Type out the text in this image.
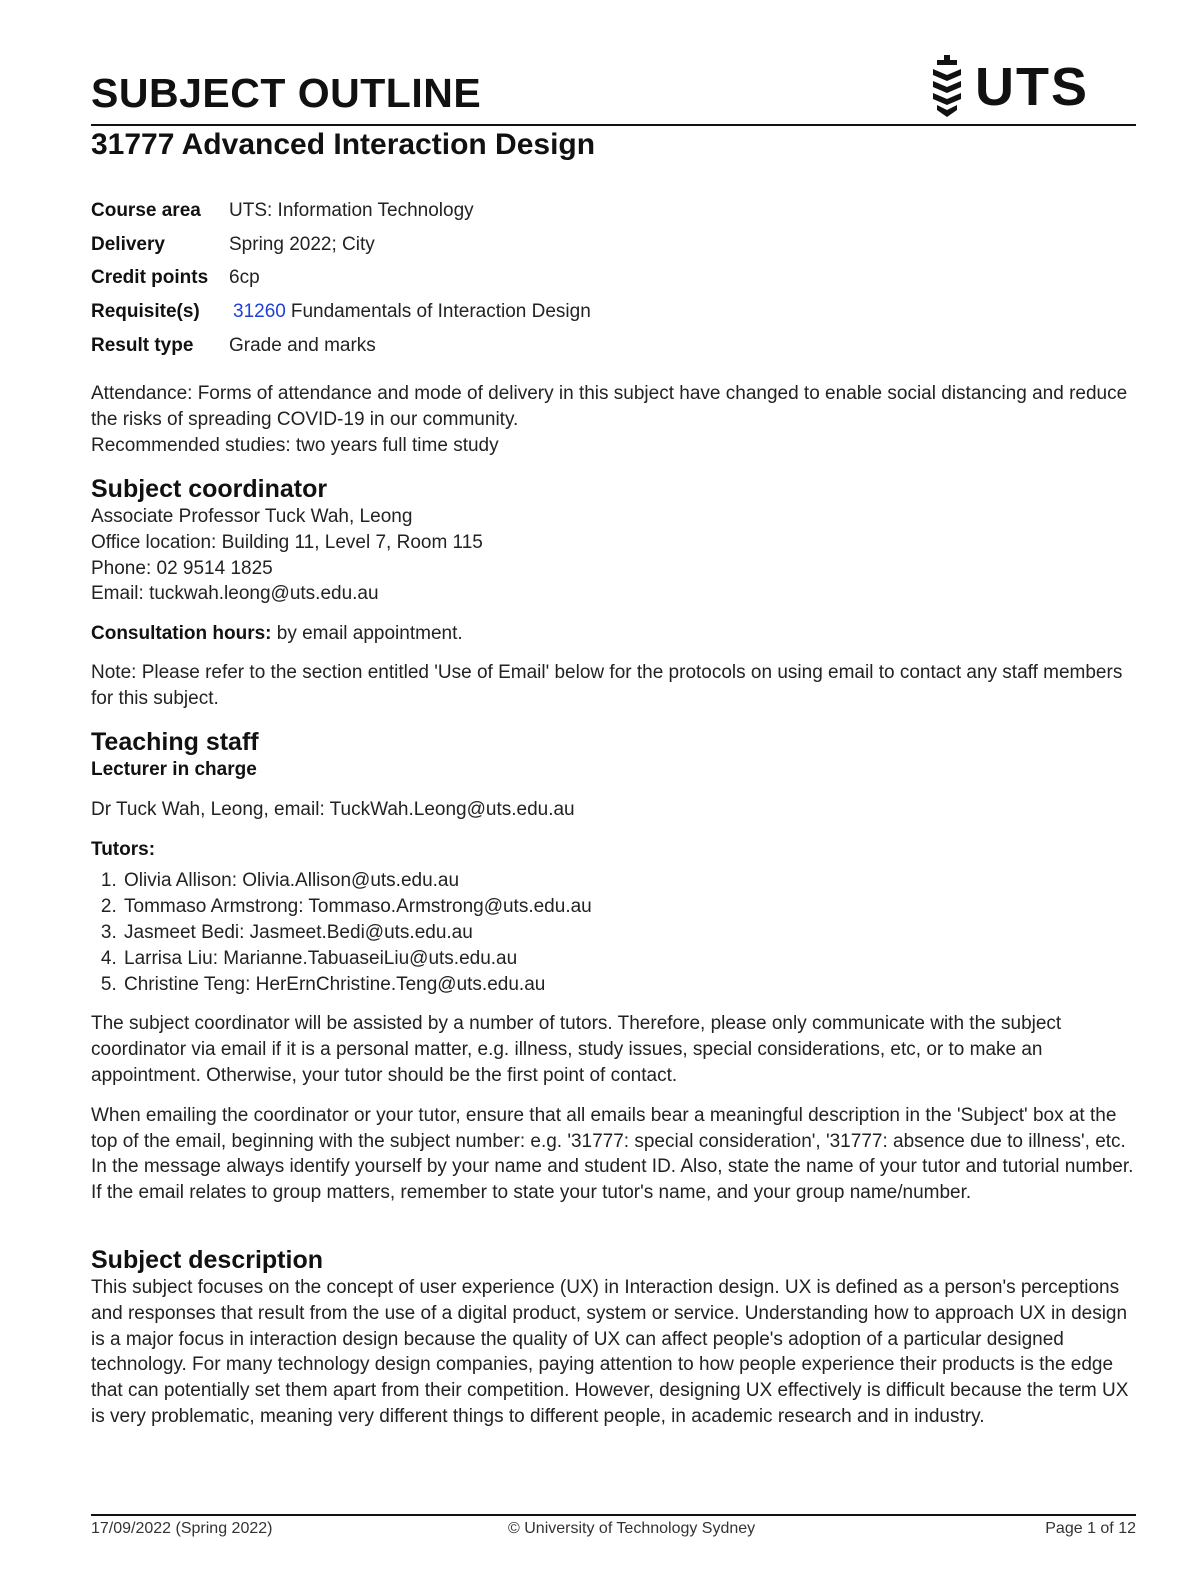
SUBJECT OUTLINE	UTS
31777 Advanced Interaction Design
Course area	UTS: Information Technology
Delivery	Spring 2022; City
Credit points	6cp
Requisite(s)	31260 Fundamentals of Interaction Design
Result type	Grade and marks

Attendance: Forms of attendance and mode of delivery in this subject have changed to enable social distancing and reduce the risks of spreading COVID-19 in our community.

Recommended studies: two years full time study

Subject coordinator

Associate Professor Tuck Wah, Leong

Office location: Building 11, Level 7, Room 115

Phone: 02 9514 1825

Email: tuckwah.leong@uts.edu.au

Consultation hours: by email appointment.

Note: Please refer to the section entitled 'Use of Email' below for the protocols on using email to contact any staff members for this subject.

Teaching staff

Lecturer in charge

Dr Tuck Wah, Leong, email: TuckWah.Leong@uts.edu.au

Tutors:

1. Olivia Allison: Olivia.Allison@uts.edu.au
2. Tommaso Armstrong: Tommaso.Armstrong@uts.edu.au
3. Jasmeet Bedi: Jasmeet.Bedi@uts.edu.au
4. Larrisa Liu: Marianne.TabuaseiLiu@uts.edu.au
5. Christine Teng: HerErnChristine.Teng@uts.edu.au

The subject coordinator will be assisted by a number of tutors. Therefore, please only communicate with the subject coordinator via email if it is a personal matter, e.g. illness, study issues, special considerations, etc, or to make an appointment. Otherwise, your tutor should be the first point of contact.

When emailing the coordinator or your tutor, ensure that all emails bear a meaningful description in the 'Subject' box at the top of the email, beginning with the subject number: e.g. '31777: special consideration', '31777: absence due to illness', etc. In the message always identify yourself by your name and student ID. Also, state the name of your tutor and tutorial number. If the email relates to group matters, remember to state your tutor's name, and your group name/number.

Subject description

This subject focuses on the concept of user experience (UX) in Interaction design. UX is defined as a person's perceptions and responses that result from the use of a digital product, system or service. Understanding how to approach UX in design is a major focus in interaction design because the quality of UX can affect people's adoption of a particular designed technology. For many technology design companies, paying attention to how people experience their products is the edge that can potentially set them apart from their competition. However, designing UX effectively is difficult because the term UX is very problematic, meaning very different things to different people, in academic research and in industry.

17/09/2022 (Spring 2022)	© University of Technology Sydney	Page 1 of 12
